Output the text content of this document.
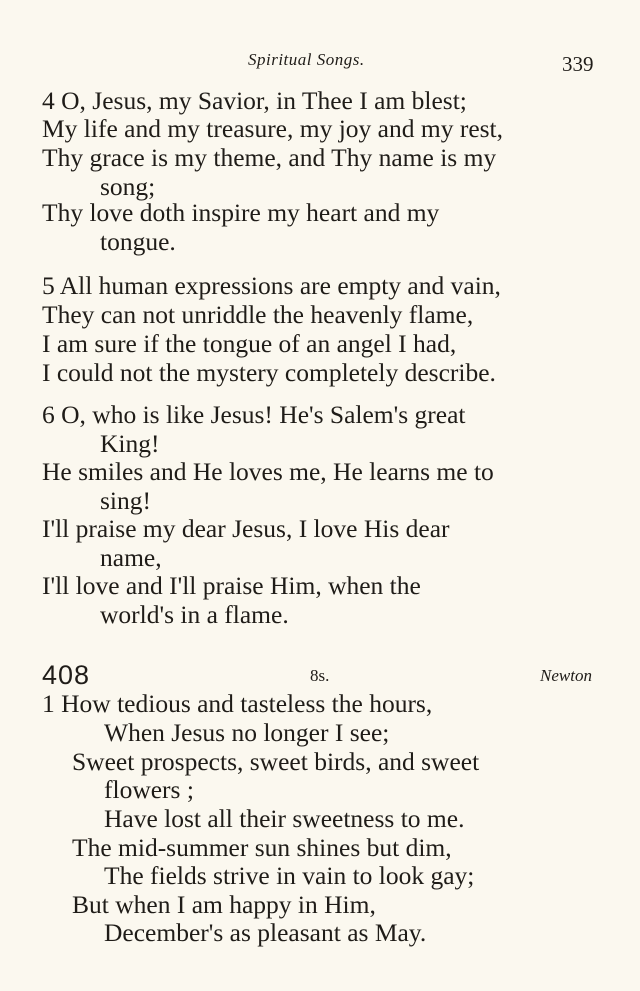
Spiritual Songs.	339
4 O, Jesus, my Savior, in Thee I am blest;
My life and my treasure, my joy and my rest,
Thy grace is my theme, and Thy name is my
song;
Thy love doth inspire my heart and my
tongue.
5 All human expressions are empty and vain,
They can not unriddle the heavenly flame,
I am sure if the tongue of an angel I had,
I could not the mystery completely describe.
6 O, who is like Jesus! He's Salem's great
King!
He smiles and He loves me, He learns me to
sing!
I'll praise my dear Jesus, I love His dear
name,
I'll love and I'll praise Him, when the
world's in a flame.
408	8s.	Newton
1 How tedious and tasteless the hours,
When Jesus no longer I see;
Sweet prospects, sweet birds, and sweet
flowers ;
Have lost all their sweetness to me.
The mid-summer sun shines but dim,
The fields strive in vain to look gay;
But when I am happy in Him,
December's as pleasant as May.
